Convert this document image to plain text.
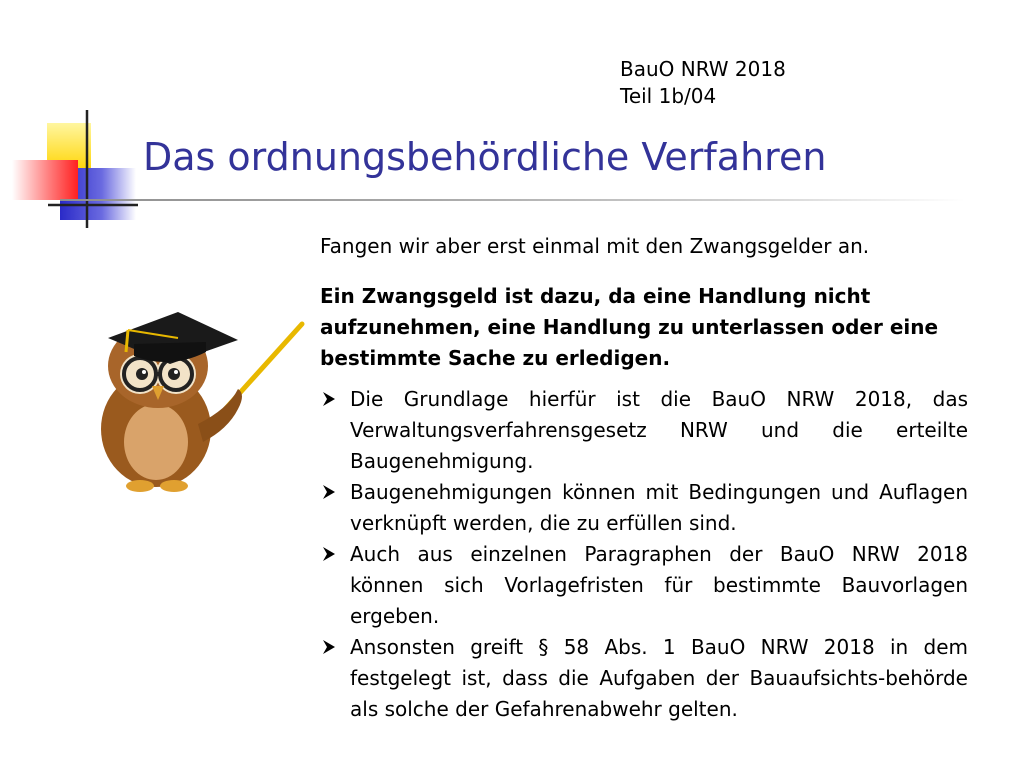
BauO NRW 2018
Teil 1b/04
Das ordnungsbehördliche Verfahren

Fangen wir aber erst einmal mit den Zwangsgelder an.

Ein Zwangsgeld ist dazu, da eine Handlung nicht aufzunehmen, eine Handlung zu unterlassen oder eine bestimmte Sache zu erledigen.

Die Grundlage hierfür ist die BauO NRW 2018, das Verwaltungsverfahrensgesetz NRW und die erteilte Baugenehmigung.
Baugenehmigungen können mit Bedingungen und Auflagen verknüpft werden, die zu erfüllen sind.
Auch aus einzelnen Paragraphen der BauO NRW 2018 können sich Vorlagefristen für bestimmte Bauvorlagen ergeben.
Ansonsten greift § 58 Abs. 1 BauO NRW 2018 in dem festgelegt ist, dass die Aufgaben der Bauaufsichts-behörde als solche der Gefahrenabwehr gelten.
